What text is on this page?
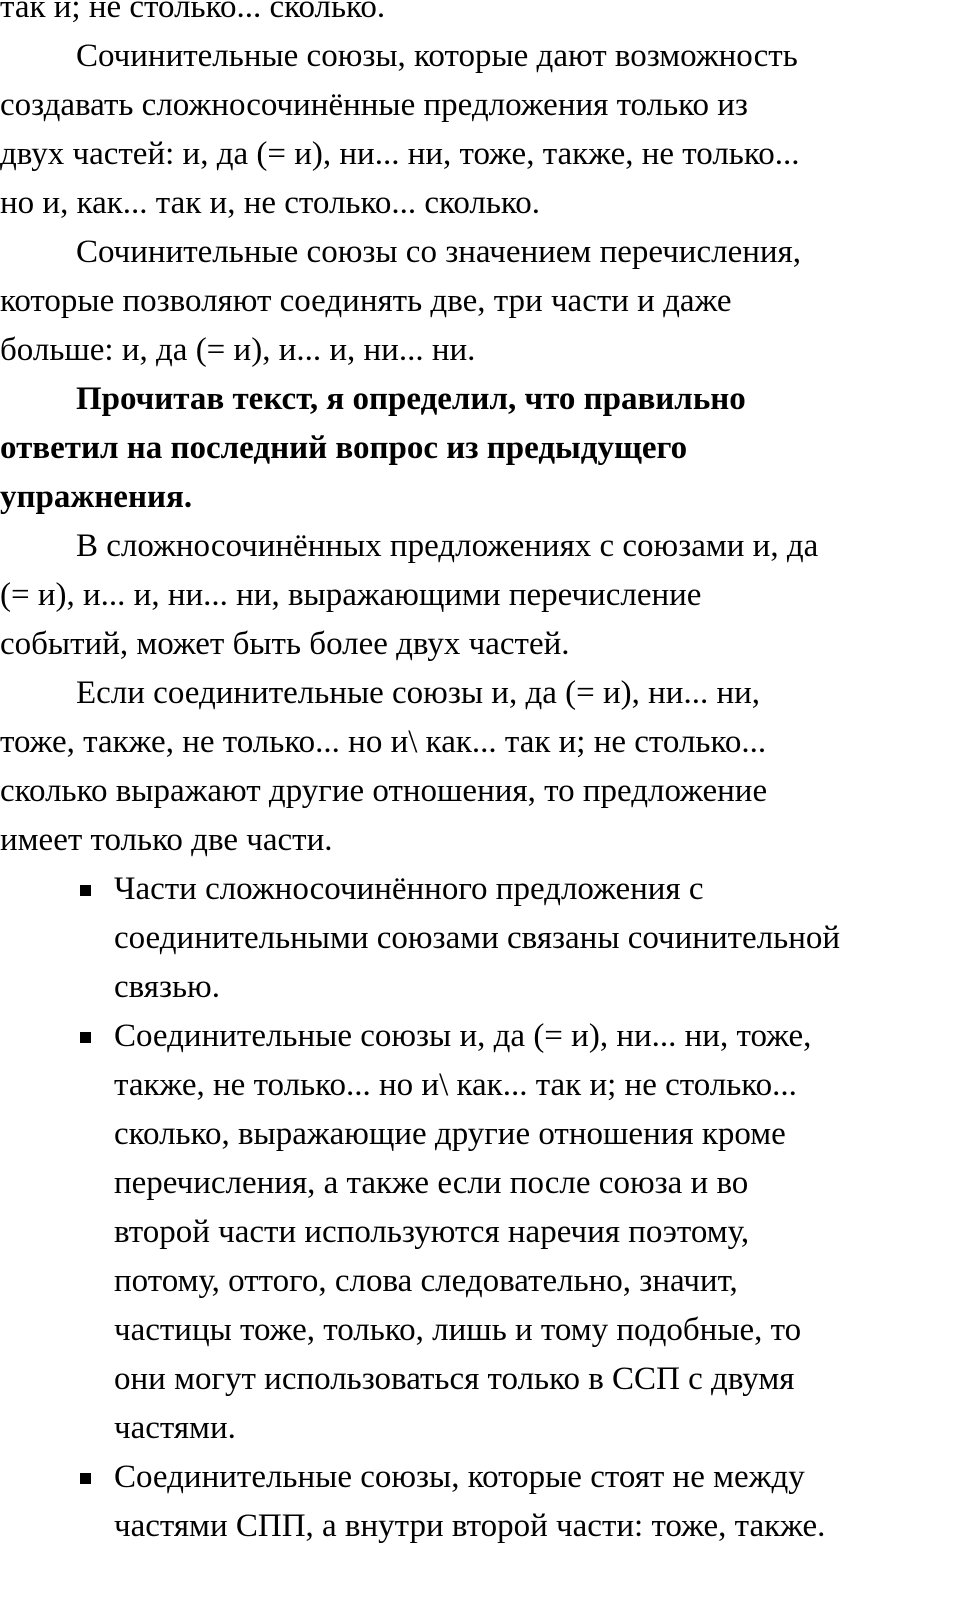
так и; не столько... сколько.
Сочинительные союзы, которые дают возможность
создавать сложносочинённые предложения только из
двух частей: и, да (= и), ни... ни, тоже, также, не только...
но и, как... так и, не столько... сколько.
Сочинительные союзы со значением перечисления,
которые позволяют соединять две, три части и даже
больше: и, да (= и), и... и, ни... ни.
Прочитав текст, я определил, что правильно
ответил на последний вопрос из предыдущего
упражнения.
В сложносочинённых предложениях с союзами и, да
(= и), и... и, ни... ни, выражающими перечисление
событий, может быть более двух частей.
Если соединительные союзы и, да (= и), ни... ни,
тоже, также, не только... но и\ как... так и; не столько...
сколько выражают другие отношения, то предложение
имеет только две части.
Части сложносочинённого предложения с
соединительными союзами связаны сочинительной
связью.
Соединительные союзы и, да (= и), ни... ни, тоже,
также, не только... но и\ как... так и; не столько...
сколько, выражающие другие отношения кроме
перечисления, а также если после союза и во
второй части используются наречия поэтому,
потому, оттого, слова следовательно, значит,
частицы тоже, только, лишь и тому подобные, то
они могут использоваться только в ССП с двумя
частями.
Соединительные союзы, которые стоят не между
частями СПП, а внутри второй части: тоже, также.
